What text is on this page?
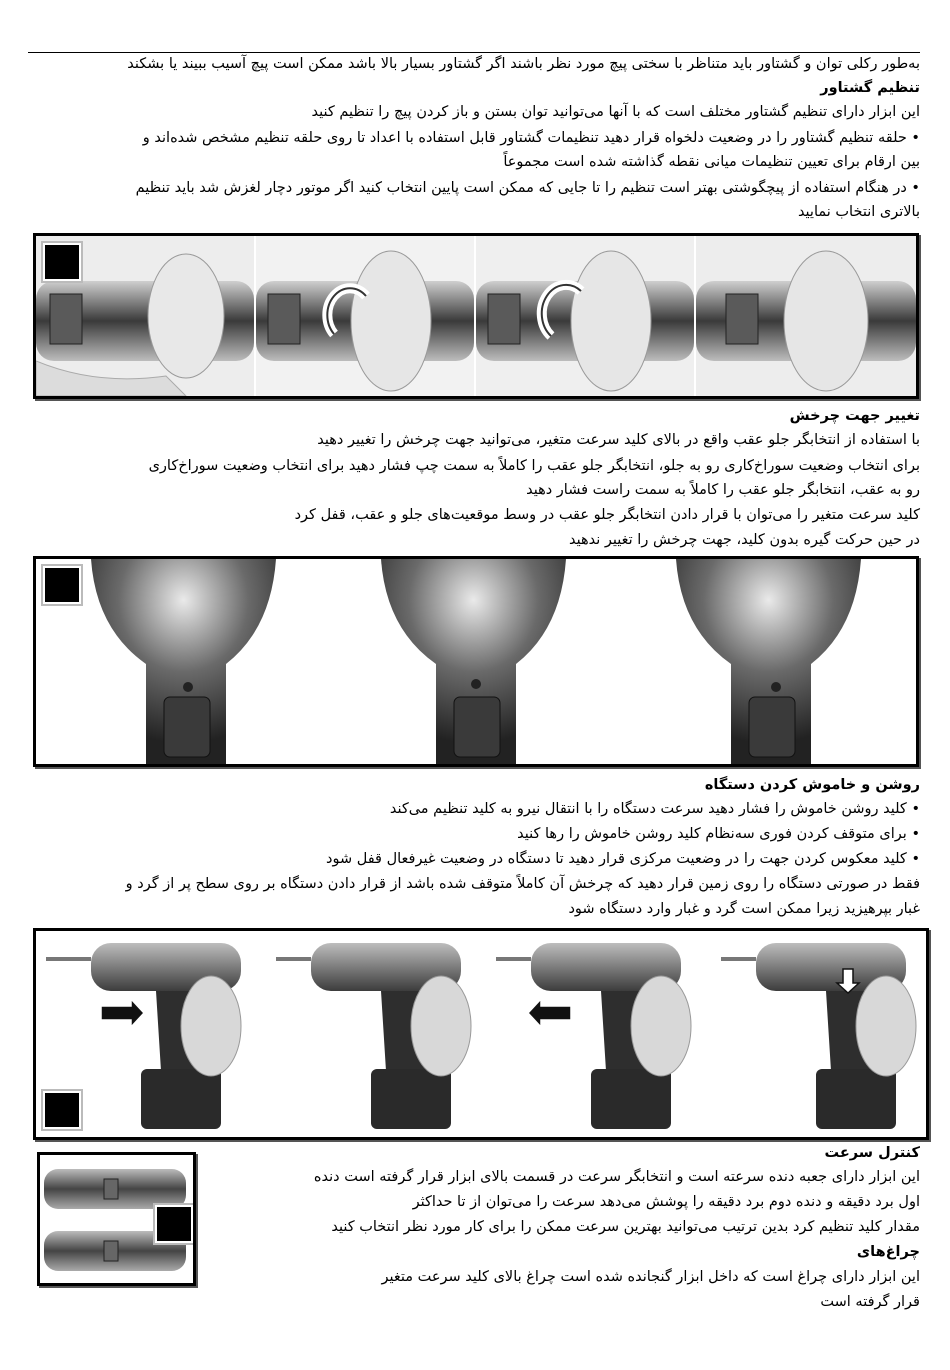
به‌طور رکلی توان و گشتاور باید متناظر با سختی پیچ مورد نظر باشند اگر گشتاور بسیار بالا باشد ممکن است پیچ آسیب ببیند یا بشکند
تنظیم گشتاور
این ابزار دارای تنظیم گشتاور مختلف است که با آنها می‌توانید توان بستن و باز کردن پیچ را تنظیم کنید
• حلقه تنظیم گشتاور را در وضعیت دلخواه قرار دهید تنظیمات گشتاور قابل استفاده با اعداد تا روی حلقه تنظیم مشخص شده‌اند و
بین ارقام برای تعیین تنظیمات میانی نقطه گذاشته شده است مجموعاً
• در هنگام استفاده از پیچگوشتی بهتر است تنظیم را تا جایی که ممکن است پایین انتخاب کنید اگر موتور دچار لغزش شد باید تنظیم
بالاتری انتخاب نمایید
تغییر جهت چرخش
با استفاده از انتخابگر جلو عقب واقع در بالای کلید سرعت متغیر، می‌توانید جهت چرخش را تغییر دهید
برای انتخاب وضعیت سوراخ‌کاری رو به جلو، انتخابگر جلو عقب را کاملاً به سمت چپ فشار دهید برای انتخاب وضعیت سوراخ‌کاری
رو به عقب، انتخابگر جلو عقب را کاملاً به سمت راست فشار دهید
کلید سرعت متغیر را می‌توان با قرار دادن انتخابگر جلو عقب در وسط موقعیت‌های جلو و عقب، قفل کرد
در حین حرکت گیره بدون کلید، جهت چرخش را تغییر ندهید
روشن و خاموش کردن دستگاه
• کلید روشن خاموش را فشار دهید سرعت دستگاه را با انتقال نیرو به کلید تنظیم می‌کند
• برای متوقف کردن فوری سه‌نظام کلید روشن خاموش را رها کنید
• کلید معکوس کردن جهت را در وضعیت مرکزی قرار دهید تا دستگاه در وضعیت غیرفعال قفل شود
فقط در صورتی دستگاه را روی زمین قرار دهید که چرخش آن کاملاً متوقف شده باشد از قرار دادن دستگاه بر روی سطح پر از گرد و
غبار بپرهیزید زیرا ممکن است گرد و غبار وارد دستگاه شود
کنترل سرعت
این ابزار دارای جعبه دنده سرعته است و انتخابگر سرعت در قسمت بالای ابزار قرار گرفته است دنده
اول برد دقیقه و دنده دوم برد دقیقه را پوشش می‌دهد سرعت را می‌توان از تا حداکثر
مقدار کلید تنظیم کرد بدین ترتیب می‌توانید بهترین سرعت ممکن را برای کار مورد نظر انتخاب کنید
چراغ‌های
این ابزار دارای چراغ است که داخل ابزار گنجانده شده است چراغ بالای کلید سرعت متغیر
قرار گرفته است
